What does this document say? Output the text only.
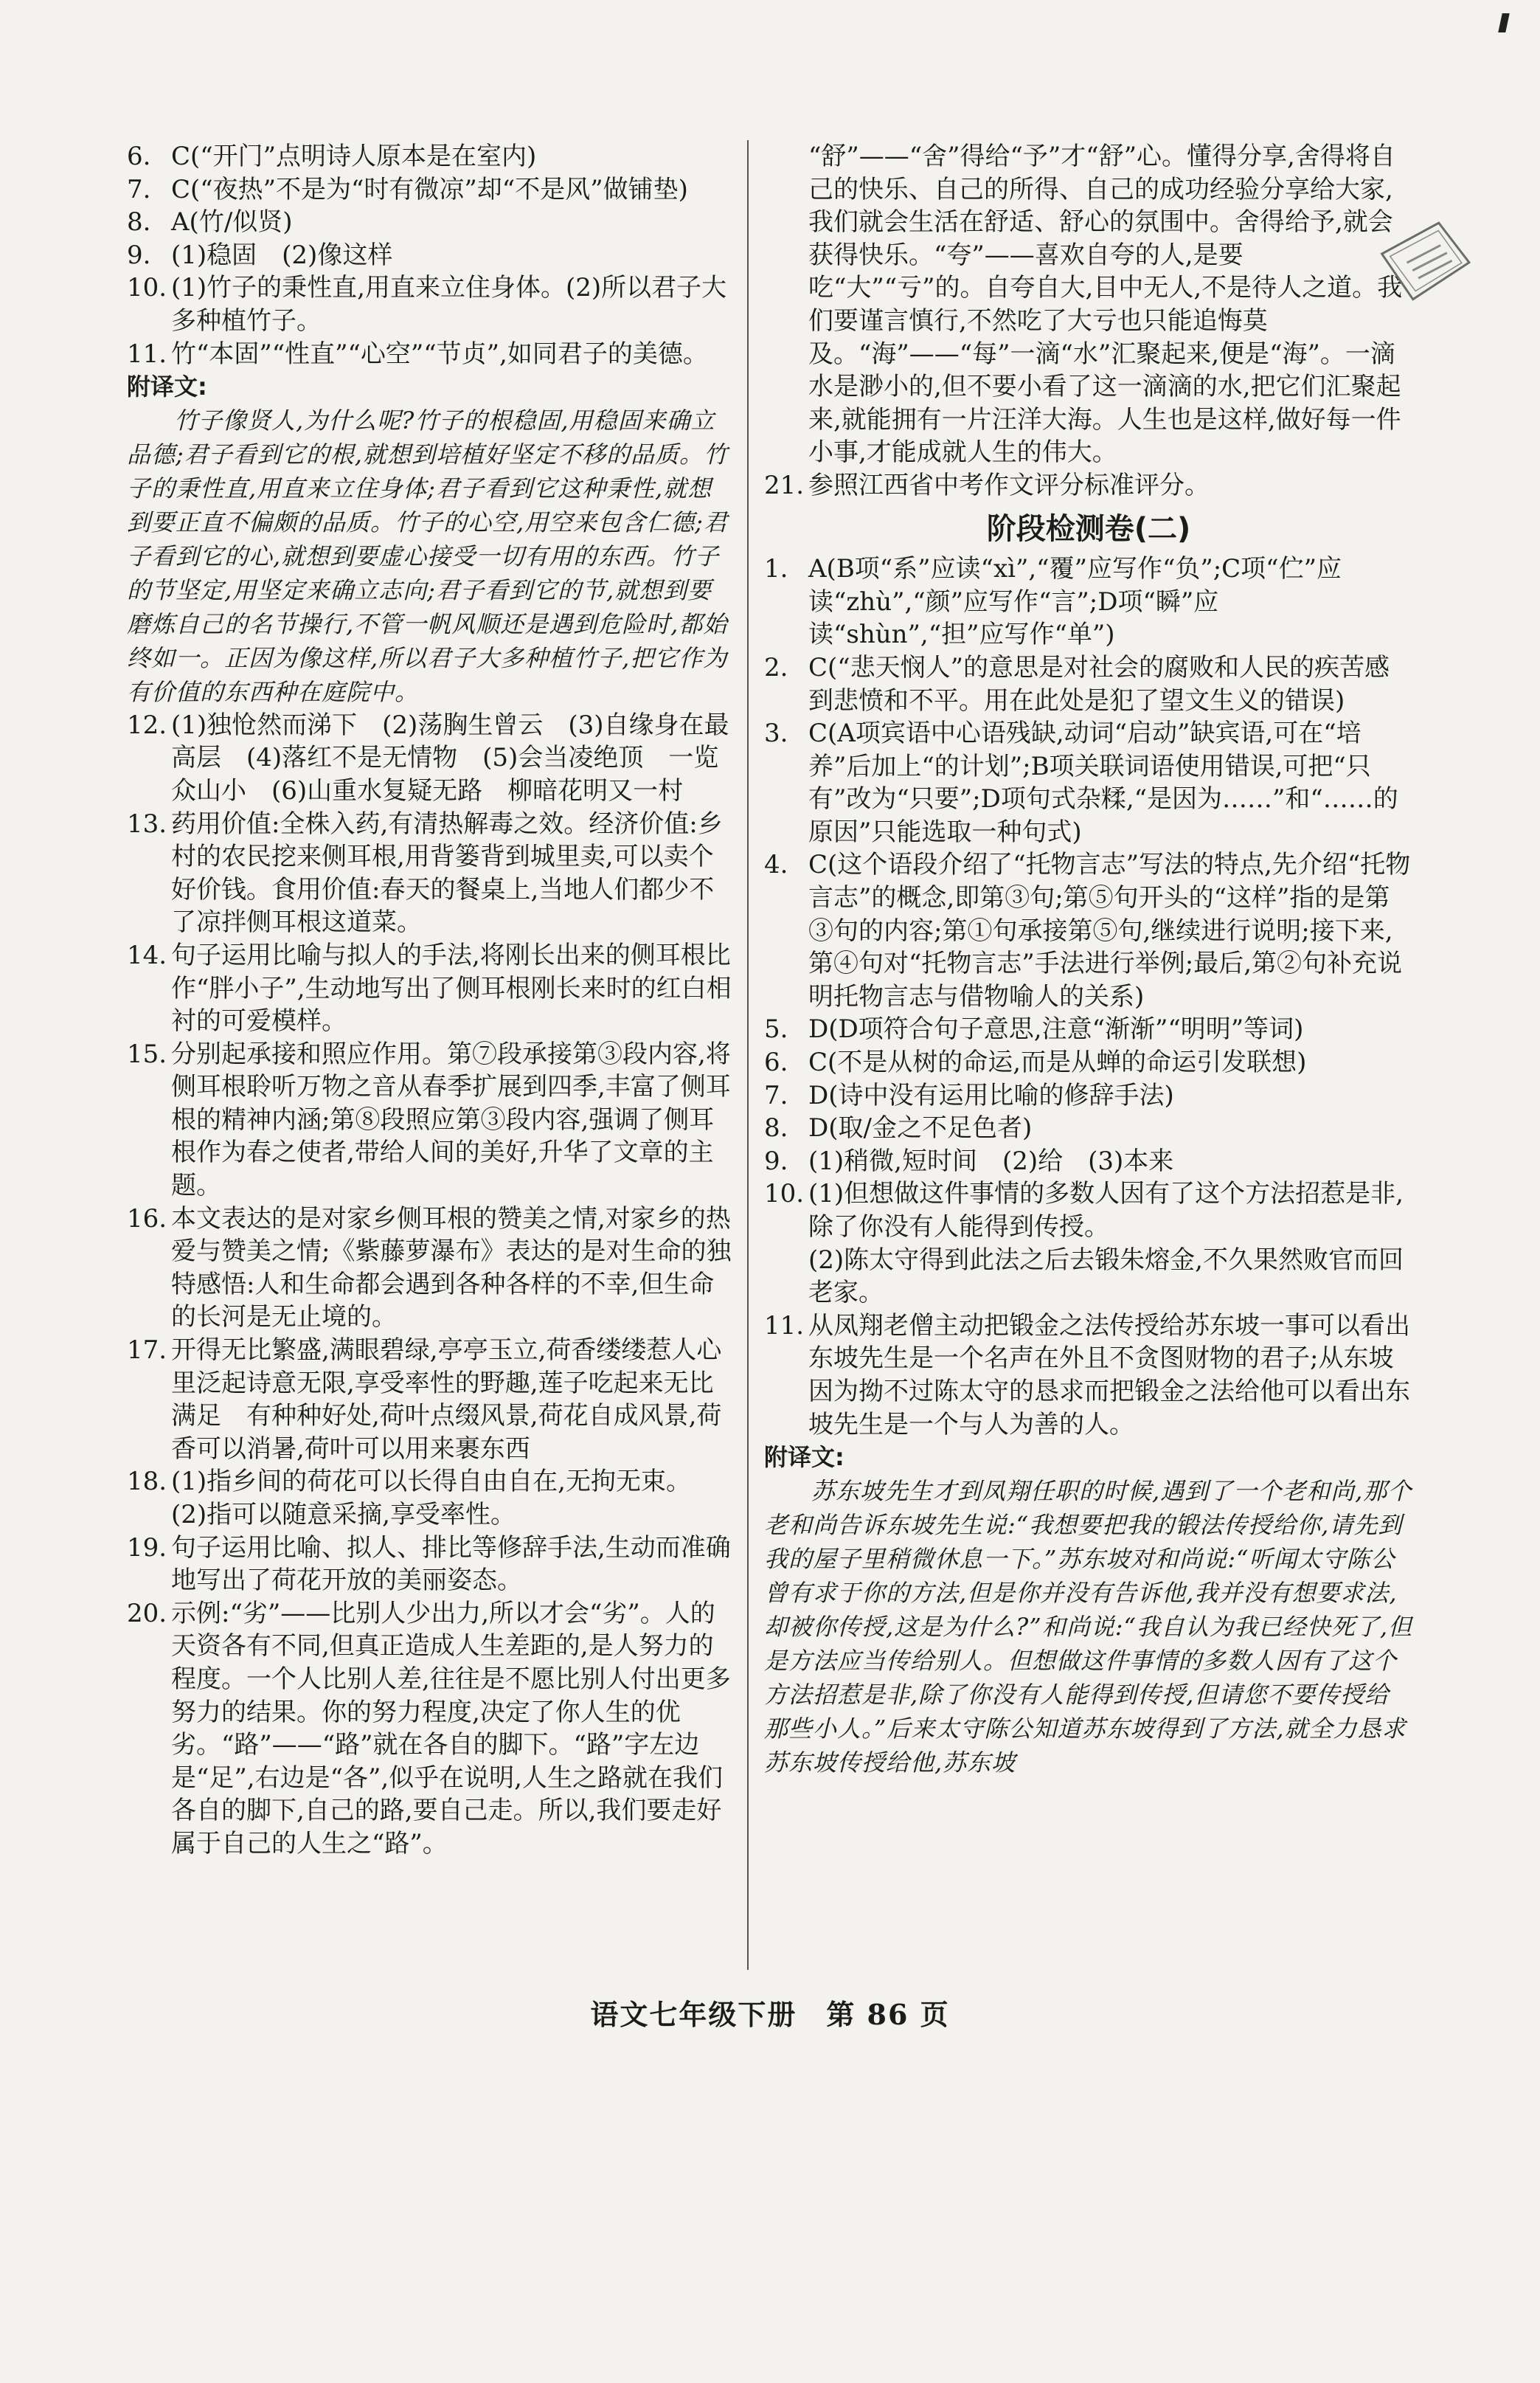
6. C(“开门”点明诗人原本是在室内)
7. C(“夜热”不是为“时有微凉”却“不是风”做铺垫)
8. A(竹/似贤)
9. (1)稳固　(2)像这样
10. (1)竹子的秉性直,用直来立住身体。(2)所以君子大多种植竹子。
11. 竹“本固”“性直”“心空”“节贞”,如同君子的美德。

附译文:

竹子像贤人,为什么呢?竹子的根稳固,用稳固来确立品德;君子看到它的根,就想到培植好坚定不移的品质。竹子的秉性直,用直来立住身体;君子看到它这种秉性,就想到要正直不偏颇的品质。竹子的心空,用空来包含仁德;君子看到它的心,就想到要虚心接受一切有用的东西。竹子的节坚定,用坚定来确立志向;君子看到它的节,就想到要磨炼自己的名节操行,不管一帆风顺还是遇到危险时,都始终如一。正因为像这样,所以君子大多种植竹子,把它作为有价值的东西种在庭院中。

12. (1)独怆然而涕下　(2)荡胸生曾云　(3)自缘身在最高层　(4)落红不是无情物　(5)会当凌绝顶　一览众山小　(6)山重水复疑无路　柳暗花明又一村
13. 药用价值:全株入药,有清热解毒之效。经济价值:乡村的农民挖来侧耳根,用背篓背到城里卖,可以卖个好价钱。食用价值:春天的餐桌上,当地人们都少不了凉拌侧耳根这道菜。
14. 句子运用比喻与拟人的手法,将刚长出来的侧耳根比作“胖小子”,生动地写出了侧耳根刚长来时的红白相衬的可爱模样。
15. 分别起承接和照应作用。第⑦段承接第③段内容,将侧耳根聆听万物之音从春季扩展到四季,丰富了侧耳根的精神内涵;第⑧段照应第③段内容,强调了侧耳根作为春之使者,带给人间的美好,升华了文章的主题。
16. 本文表达的是对家乡侧耳根的赞美之情,对家乡的热爱与赞美之情;《紫藤萝瀑布》表达的是对生命的独特感悟:人和生命都会遇到各种各样的不幸,但生命的长河是无止境的。
17. 开得无比繁盛,满眼碧绿,亭亭玉立,荷香缕缕惹人心里泛起诗意无限,享受率性的野趣,莲子吃起来无比满足　有种种好处,荷叶点缀风景,荷花自成风景,荷香可以消暑,荷叶可以用来裹东西
18. (1)指乡间的荷花可以长得自由自在,无拘无束。
(2)指可以随意采摘,享受率性。
19. 句子运用比喻、拟人、排比等修辞手法,生动而准确地写出了荷花开放的美丽姿态。
20. 示例:“劣”——比别人少出力,所以才会“劣”。人的天资各有不同,但真正造成人生差距的,是人努力的程度。一个人比别人差,往往是不愿比别人付出更多努力的结果。你的努力程度,决定了你人生的优劣。“路”——“路”就在各自的脚下。“路”字左边是“足”,右边是“各”,似乎在说明,人生之路就在我们各自的脚下,自己的路,要自己走。所以,我们要走好属于自己的人生之“路”。

“舒”——“舍”得给“予”才“舒”心。懂得分享,舍得将自己的快乐、自己的所得、自己的成功经验分享给大家,我们就会生活在舒适、舒心的氛围中。舍得给予,就会获得快乐。“夸”——喜欢自夸的人,是要吃“大”“亏”的。自夸自大,目中无人,不是待人之道。我们要谨言慎行,不然吃了大亏也只能追悔莫及。“海”——“每”一滴“水”汇聚起来,便是“海”。一滴水是渺小的,但不要小看了这一滴滴的水,把它们汇聚起来,就能拥有一片汪洋大海。人生也是这样,做好每一件小事,才能成就人生的伟大。

21. 参照江西省中考作文评分标准评分。
阶段检测卷(二)
1. A(B项“系”应读“xì”,“覆”应写作“负”;C项“伫”应读“zhù”,“颜”应写作“言”;D项“瞬”应读“shùn”,“担”应写作“单”)
2. C(“悲天悯人”的意思是对社会的腐败和人民的疾苦感到悲愤和不平。用在此处是犯了望文生义的错误)
3. C(A项宾语中心语残缺,动词“启动”缺宾语,可在“培养”后加上“的计划”;B项关联词语使用错误,可把“只有”改为“只要”;D项句式杂糅,“是因为……”和“……的原因”只能选取一种句式)
4. C(这个语段介绍了“托物言志”写法的特点,先介绍“托物言志”的概念,即第③句;第⑤句开头的“这样”指的是第③句的内容;第①句承接第⑤句,继续进行说明;接下来,第④句对“托物言志”手法进行举例;最后,第②句补充说明托物言志与借物喻人的关系)
5. D(D项符合句子意思,注意“渐渐”“明明”等词)
6. C(不是从树的命运,而是从蝉的命运引发联想)
7. D(诗中没有运用比喻的修辞手法)
8. D(取/金之不足色者)
9. (1)稍微,短时间　(2)给　(3)本来
10. (1)但想做这件事情的多数人因有了这个方法招惹是非,除了你没有人能得到传授。
(2)陈太守得到此法之后去锻朱熔金,不久果然败官而回老家。
11. 从凤翔老僧主动把锻金之法传授给苏东坡一事可以看出东坡先生是一个名声在外且不贪图财物的君子;从东坡因为拗不过陈太守的恳求而把锻金之法给他可以看出东坡先生是一个与人为善的人。

附译文:

苏东坡先生才到凤翔任职的时候,遇到了一个老和尚,那个老和尚告诉东坡先生说:“我想要把我的锻法传授给你,请先到我的屋子里稍微休息一下。”苏东坡对和尚说:“听闻太守陈公曾有求于你的方法,但是你并没有告诉他,我并没有想要求法,却被你传授,这是为什么?”和尚说:“我自认为我已经快死了,但是方法应当传给别人。但想做这件事情的多数人因有了这个方法招惹是非,除了你没有人能得到传授,但请您不要传授给那些小人。”后来太守陈公知道苏东坡得到了方法,就全力恳求苏东坡传授给他,苏东坡

语文七年级下册　第 86 页
